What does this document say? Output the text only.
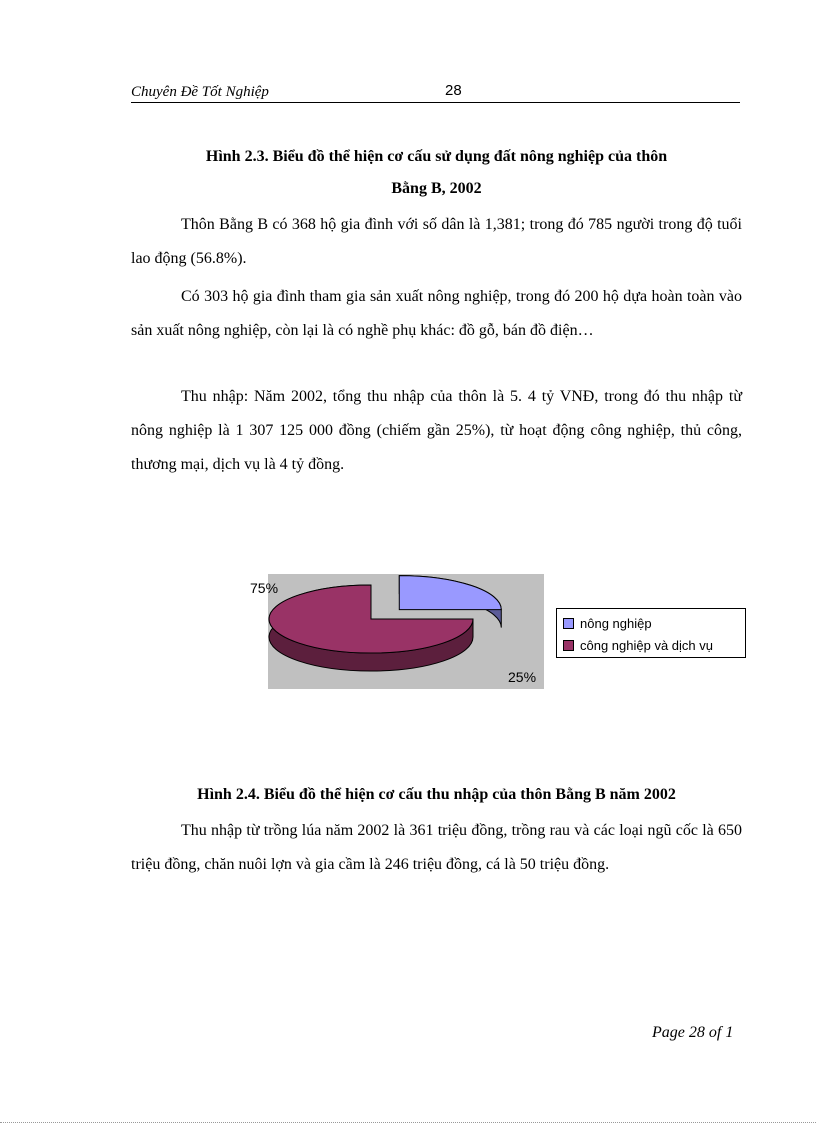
Chuyên Đề Tốt Nghiệp	28
Hình 2.3. Biểu đồ thể hiện cơ cấu sử dụng đất nông nghiệp của thôn
Bằng B, 2002

Thôn Bằng B có 368 hộ gia đình với số dân là 1,381; trong đó 785 người trong độ tuổi lao động (56.8%).

Có 303 hộ gia đình tham gia sản xuất nông nghiệp, trong đó 200 hộ dựa hoàn toàn vào sản xuất nông nghiệp, còn lại là có nghề phụ khác: đồ gỗ, bán đồ điện…

Thu nhập: Năm 2002, tổng thu nhập của thôn là 5. 4 tỷ VNĐ, trong đó thu nhập từ nông nghiệp là 1 307 125 000 đồng (chiếm gần 25%), từ hoạt động công nghiệp, thủ công, thương mại, dịch vụ là 4 tỷ đồng.

75%
25%
nông nghiệp
công nghiệp và dịch vụ
Hình 2.4. Biểu đồ thể hiện cơ cấu thu nhập của thôn Bằng B năm 2002

Thu nhập từ trồng lúa năm 2002 là 361 triệu đồng, trồng rau và các loại ngũ cốc là 650 triệu đồng, chăn nuôi lợn và gia cầm là 246 triệu đồng, cá là 50 triệu đồng.

Page 28 of 1
